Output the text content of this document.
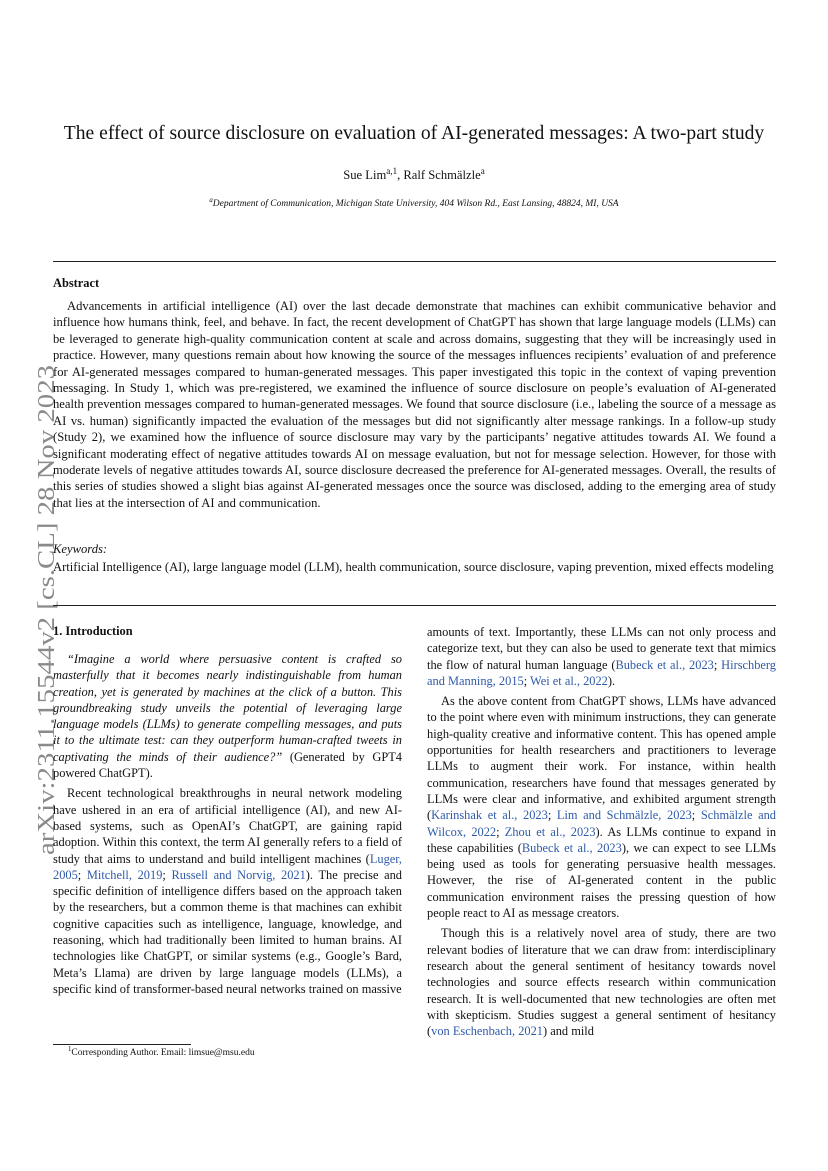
arXiv:2311.15544v2 [cs.CL] 28 Nov 2023
The effect of source disclosure on evaluation of AI-generated messages: A two-part study
Sue Lim$^{a,1}$, Ralf Schmälzle$^a$
$^a$Department of Communication, Michigan State University, 404 Wilson Rd., East Lansing, 48824, MI, USA
Abstract

Advancements in artificial intelligence (AI) over the last decade demonstrate that machines can exhibit communicative behavior and influence how humans think, feel, and behave. In fact, the recent development of ChatGPT has shown that large language models (LLMs) can be leveraged to generate high-quality communication content at scale and across domains, suggesting that they will be increasingly used in practice. However, many questions remain about how knowing the source of the messages influences recipients’ evaluation of and preference for AI-generated messages compared to human-generated messages. This paper investigated this topic in the context of vaping prevention messaging. In Study 1, which was pre-registered, we examined the influence of source disclosure on people’s evaluation of AI-generated health prevention messages compared to human-generated messages. We found that source disclosure (i.e., labeling the source of a message as AI vs. human) significantly impacted the evaluation of the messages but did not significantly alter message rankings. In a follow-up study (Study 2), we examined how the influence of source disclosure may vary by the participants’ negative attitudes towards AI. We found a significant moderating effect of negative attitudes towards AI on message evaluation, but not for message selection. However, for those with moderate levels of negative attitudes towards AI, source disclosure decreased the preference for AI-generated messages. Overall, the results of this series of studies showed a slight bias against AI-generated messages once the source was disclosed, adding to the emerging area of study that lies at the intersection of AI and communication.

Keywords:

Artificial Intelligence (AI), large language model (LLM), health communication, source disclosure, vaping prevention, mixed effects modeling

1. Introduction

“Imagine a world where persuasive content is crafted so masterfully that it becomes nearly indistinguishable from human creation, yet is generated by machines at the click of a button. This groundbreaking study unveils the potential of leveraging large language models (LLMs) to generate compelling messages, and puts it to the ultimate test: can they outperform human-crafted tweets in captivating the minds of their audience?” (Generated by GPT4 powered ChatGPT).

Recent technological breakthroughs in neural network modeling have ushered in an era of artificial intelligence (AI), and new AI-based systems, such as OpenAI’s ChatGPT, are gaining rapid adoption. Within this context, the term AI generally refers to a field of study that aims to understand and build intelligent machines (Luger, 2005; Mitchell, 2019; Russell and Norvig, 2021). The precise and specific definition of intelligence differs based on the approach taken by the researchers, but a common theme is that machines can exhibit cognitive capacities such as intelligence, language, knowledge, and reasoning, which had traditionally been limited to human brains. AI technologies like ChatGPT, or similar systems (e.g., Google’s Bard, Meta’s Llama) are driven by large language models (LLMs), a specific kind of transformer-based neural networks trained on massive

amounts of text. Importantly, these LLMs can not only process and categorize text, but they can also be used to generate text that mimics the flow of natural human language (Bubeck et al., 2023; Hirschberg and Manning, 2015; Wei et al., 2022).

As the above content from ChatGPT shows, LLMs have advanced to the point where even with minimum instructions, they can generate high-quality creative and informative content. This has opened ample opportunities for health researchers and practitioners to leverage LLMs to augment their work. For instance, within health communication, researchers have found that messages generated by LLMs were clear and informative, and exhibited argument strength (Karinshak et al., 2023; Lim and Schmälzle, 2023; Schmälzle and Wilcox, 2022; Zhou et al., 2023). As LLMs continue to expand in these capabilities (Bubeck et al., 2023), we can expect to see LLMs being used as tools for generating persuasive health messages. However, the rise of AI-generated content in the public communication environment raises the pressing question of how people react to AI as message creators.

Though this is a relatively novel area of study, there are two relevant bodies of literature that we can draw from: interdisciplinary research about the general sentiment of hesitancy towards novel technologies and source effects research within communication research. It is well-documented that new technologies are often met with skepticism. Studies suggest a general sentiment of hesitancy (von Eschenbach, 2021) and mild

$^1$Corresponding Author. Email: limsue@msu.edu
